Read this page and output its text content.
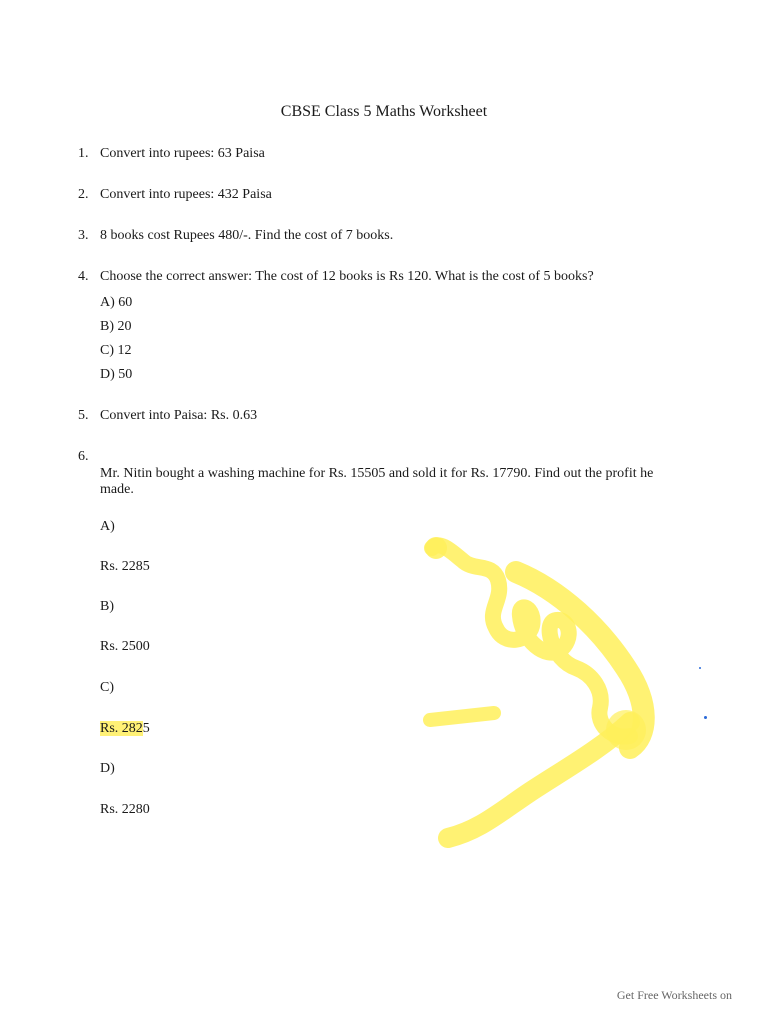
CBSE Class 5 Maths Worksheet
1. Convert into rupees: 63 Paisa
2. Convert into rupees: 432 Paisa
3. 8 books cost Rupees 480/-. Find the cost of 7 books.
4. Choose the correct answer: The cost of 12 books is Rs 120. What is the cost of 5 books?
A) 60
B) 20
C) 12
D) 50
5. Convert into Paisa: Rs. 0.63
6.
Mr. Nitin bought a washing machine for Rs. 15505 and sold it for Rs. 17790. Find out the profit he
made.
A)
Rs. 2285
B)
Rs. 2500
C)
Rs. 2825
D)
Rs. 2280
Get Free Worksheets on
